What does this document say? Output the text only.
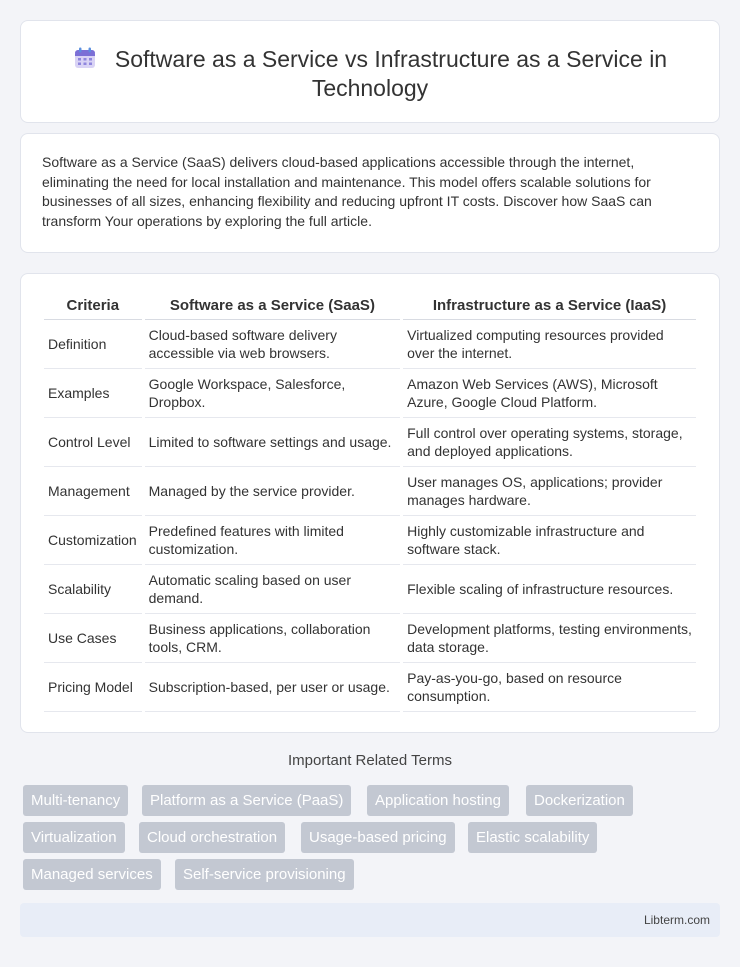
Software as a Service vs Infrastructure as a Service in Technology

Software as a Service (SaaS) delivers cloud-based applications accessible through the internet, eliminating the need for local installation and maintenance. This model offers scalable solutions for businesses of all sizes, enhancing flexibility and reducing upfront IT costs. Discover how SaaS can transform Your operations by exploring the full article.

Criteria	Software as a Service (SaaS)	Infrastructure as a Service (IaaS)
Definition	Cloud-based software delivery accessible via web browsers.	Virtualized computing resources provided over the internet.
Examples	Google Workspace, Salesforce, Dropbox.	Amazon Web Services (AWS), Microsoft Azure, Google Cloud Platform.
Control Level	Limited to software settings and usage.	Full control over operating systems, storage, and deployed applications.
Management	Managed by the service provider.	User manages OS, applications; provider manages hardware.
Customization	Predefined features with limited customization.	Highly customizable infrastructure and software stack.
Scalability	Automatic scaling based on user demand.	Flexible scaling of infrastructure resources.
Use Cases	Business applications, collaboration tools, CRM.	Development platforms, testing environments, data storage.
Pricing Model	Subscription-based, per user or usage.	Pay-as-you-go, based on resource consumption.
Important Related Terms
Multi-tenancy	Platform as a Service (PaaS)	Application hosting	Dockerization
Virtualization	Cloud orchestration	Usage-based pricing	Elastic scalability
Managed services	Self-service provisioning
Libterm.com
